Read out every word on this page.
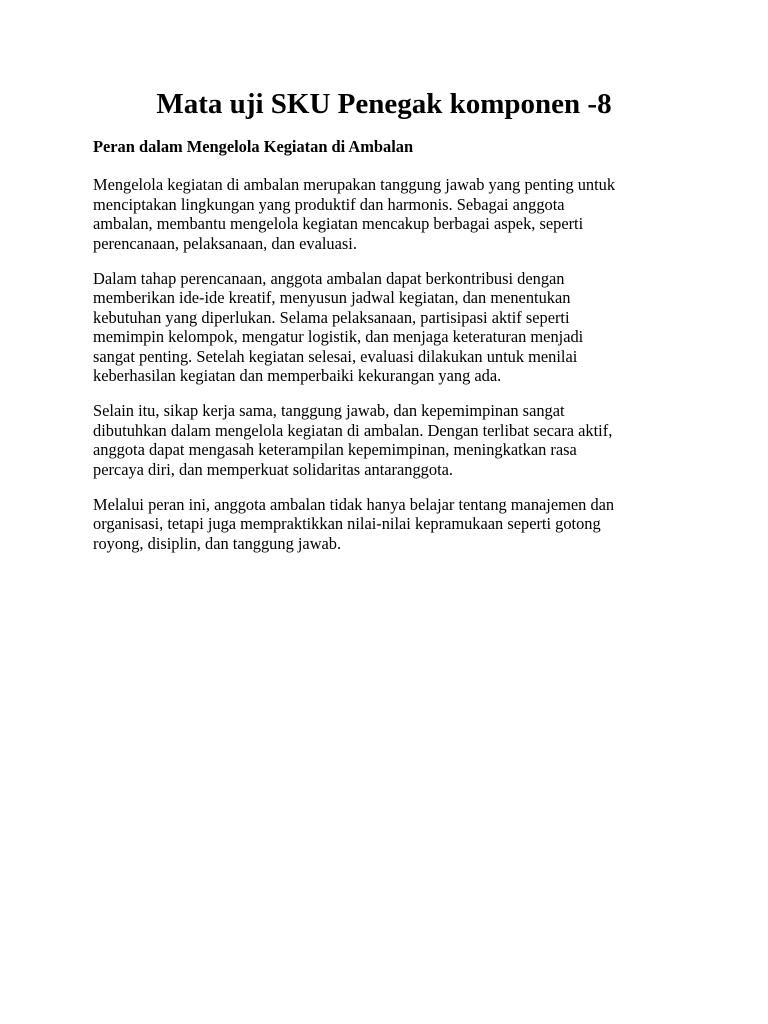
Mata uji SKU Penegak komponen -8
Peran dalam Mengelola Kegiatan di Ambalan

Mengelola kegiatan di ambalan merupakan tanggung jawab yang penting untuk
menciptakan lingkungan yang produktif dan harmonis. Sebagai anggota
ambalan, membantu mengelola kegiatan mencakup berbagai aspek, seperti
perencanaan, pelaksanaan, dan evaluasi.

Dalam tahap perencanaan, anggota ambalan dapat berkontribusi dengan
memberikan ide-ide kreatif, menyusun jadwal kegiatan, dan menentukan
kebutuhan yang diperlukan. Selama pelaksanaan, partisipasi aktif seperti
memimpin kelompok, mengatur logistik, dan menjaga keteraturan menjadi
sangat penting. Setelah kegiatan selesai, evaluasi dilakukan untuk menilai
keberhasilan kegiatan dan memperbaiki kekurangan yang ada.

Selain itu, sikap kerja sama, tanggung jawab, dan kepemimpinan sangat
dibutuhkan dalam mengelola kegiatan di ambalan. Dengan terlibat secara aktif,
anggota dapat mengasah keterampilan kepemimpinan, meningkatkan rasa
percaya diri, dan memperkuat solidaritas antaranggota.

Melalui peran ini, anggota ambalan tidak hanya belajar tentang manajemen dan
organisasi, tetapi juga mempraktikkan nilai-nilai kepramukaan seperti gotong
royong, disiplin, dan tanggung jawab.
